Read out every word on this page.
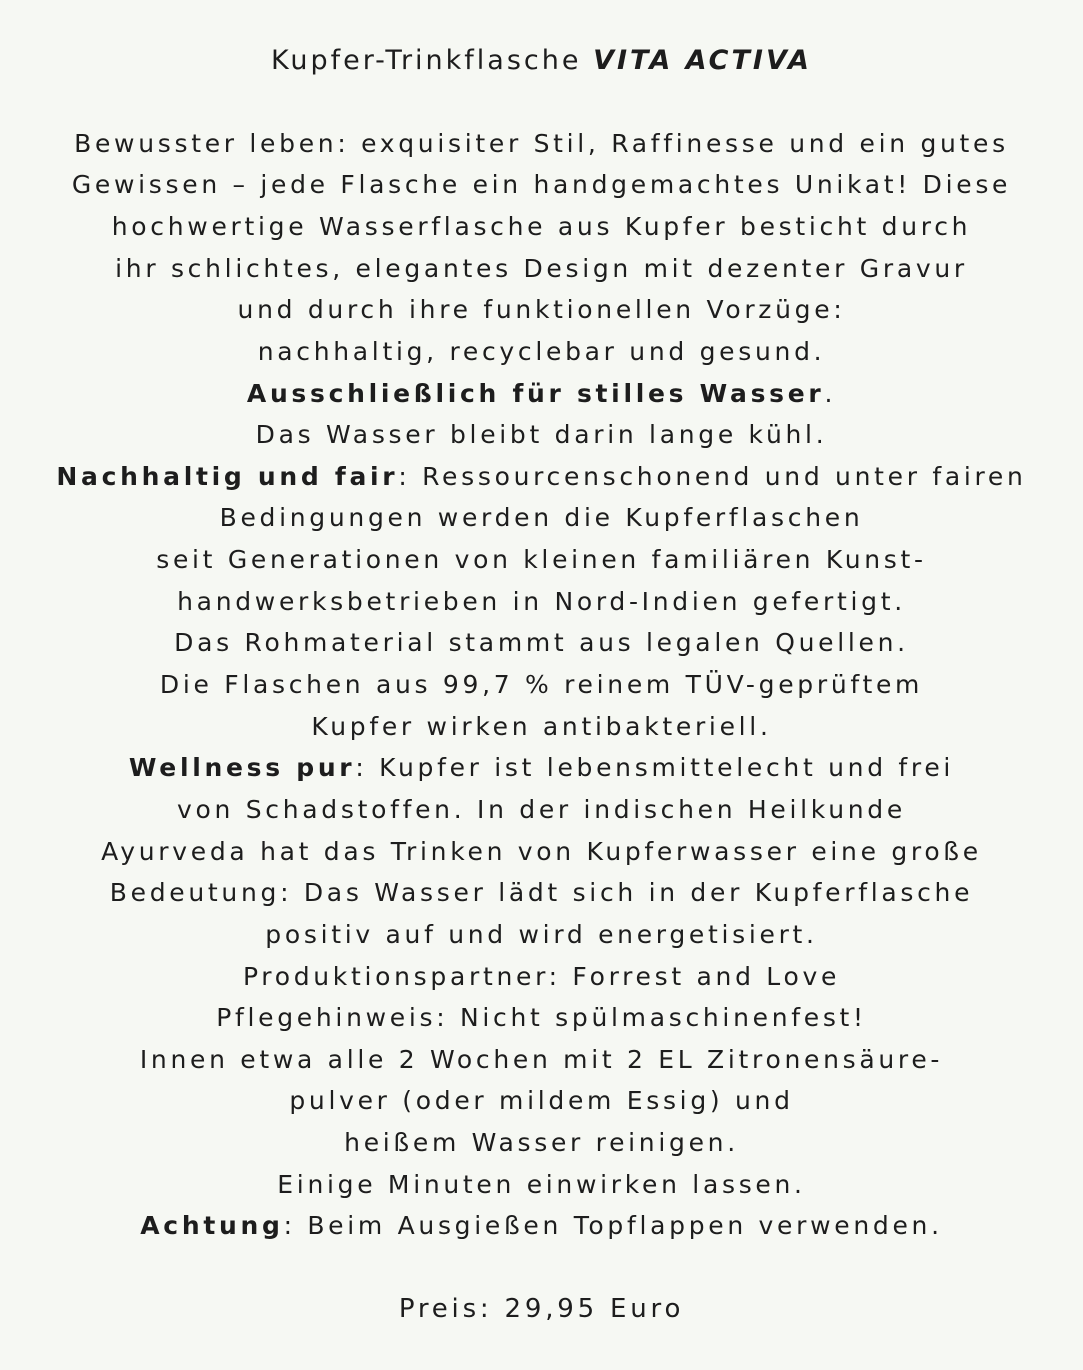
Kupfer-Trinkflasche VITA ACTIVA
Bewusster leben: exquisiter Stil, Raffinesse und ein gutes
Gewissen – jede Flasche ein handgemachtes Unikat! Diese
hochwertige Wasserflasche aus Kupfer besticht durch
ihr schlichtes, elegantes Design mit dezenter Gravur
und durch ihre funktionellen Vorzüge:
nachhaltig, recyclebar und gesund.
Ausschließlich für stilles Wasser.
Das Wasser bleibt darin lange kühl.
Nachhaltig und fair: Ressourcenschonend und unter fairen
Bedingungen werden die Kupferflaschen
seit Generationen von kleinen familiären Kunst-
handwerksbetrieben in Nord-Indien gefertigt.
Das Rohmaterial stammt aus legalen Quellen.
Die Flaschen aus 99,7 % reinem TÜV-geprüftem
Kupfer wirken antibakteriell.
Wellness pur: Kupfer ist lebensmittelecht und frei
von Schadstoffen. In der indischen Heilkunde
Ayurveda hat das Trinken von Kupferwasser eine große
Bedeutung: Das Wasser lädt sich in der Kupferflasche
positiv auf und wird energetisiert.
Produktionspartner: Forrest and Love
Pflegehinweis: Nicht spülmaschinenfest!
Innen etwa alle 2 Wochen mit 2 EL Zitronensäure-
pulver (oder mildem Essig) und
heißem Wasser reinigen.
Einige Minuten einwirken lassen.
Achtung: Beim Ausgießen Topflappen verwenden.
Preis: 29,95 Euro
